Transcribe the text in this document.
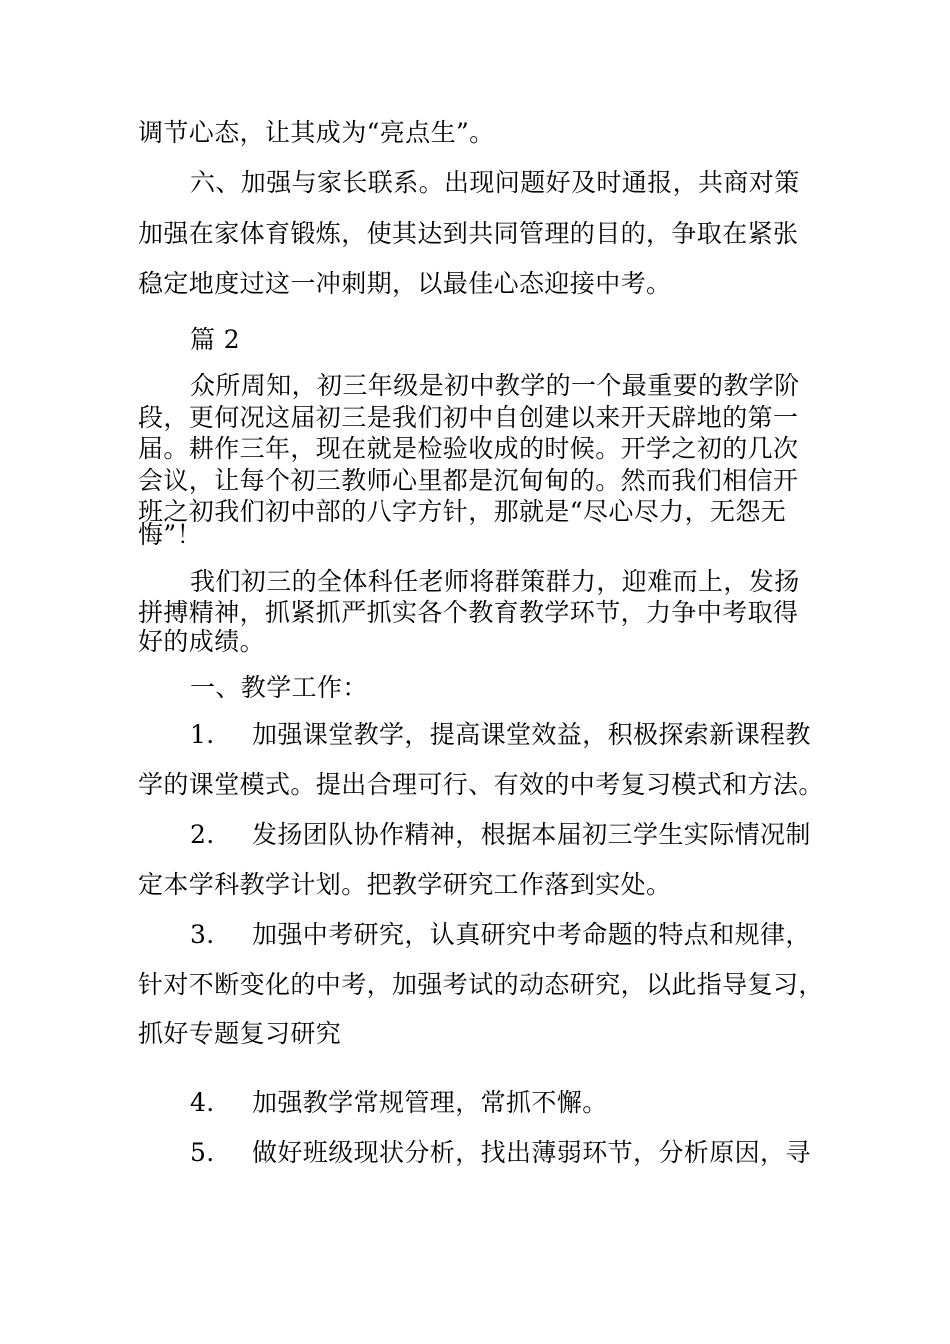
调节心态，让其成为“亮点生”。
六、加强与家长联系。出现问题好及时通报，共商对策
加强在家体育锻炼，使其达到共同管理的目的，争取在紧张
稳定地度过这一冲刺期，以最佳心态迎接中考。
篇 2
众所周知，初三年级是初中教学的一个最重要的教学阶
段，更何况这届初三是我们初中自创建以来开天辟地的第一
届。耕作三年，现在就是检验收成的时候。开学之初的几次
会议，让每个初三教师心里都是沉甸甸的。然而我们相信开
班之初我们初中部的八字方针，那就是“尽心尽力，无怨无
悔”！
我们初三的全体科任老师将群策群力，迎难而上，发扬
拼搏精神，抓紧抓严抓实各个教育教学环节，力争中考取得
好的成绩。
一、教学工作：
1. 加强课堂教学，提高课堂效益，积极探索新课程教
学的课堂模式。提出合理可行、有效的中考复习模式和方法。
2. 发扬团队协作精神，根据本届初三学生实际情况制
定本学科教学计划。把教学研究工作落到实处。
3. 加强中考研究，认真研究中考命题的特点和规律，
针对不断变化的中考，加强考试的动态研究，以此指导复习，
抓好专题复习研究
4. 加强教学常规管理，常抓不懈。
5. 做好班级现状分析，找出薄弱环节，分析原因，寻
